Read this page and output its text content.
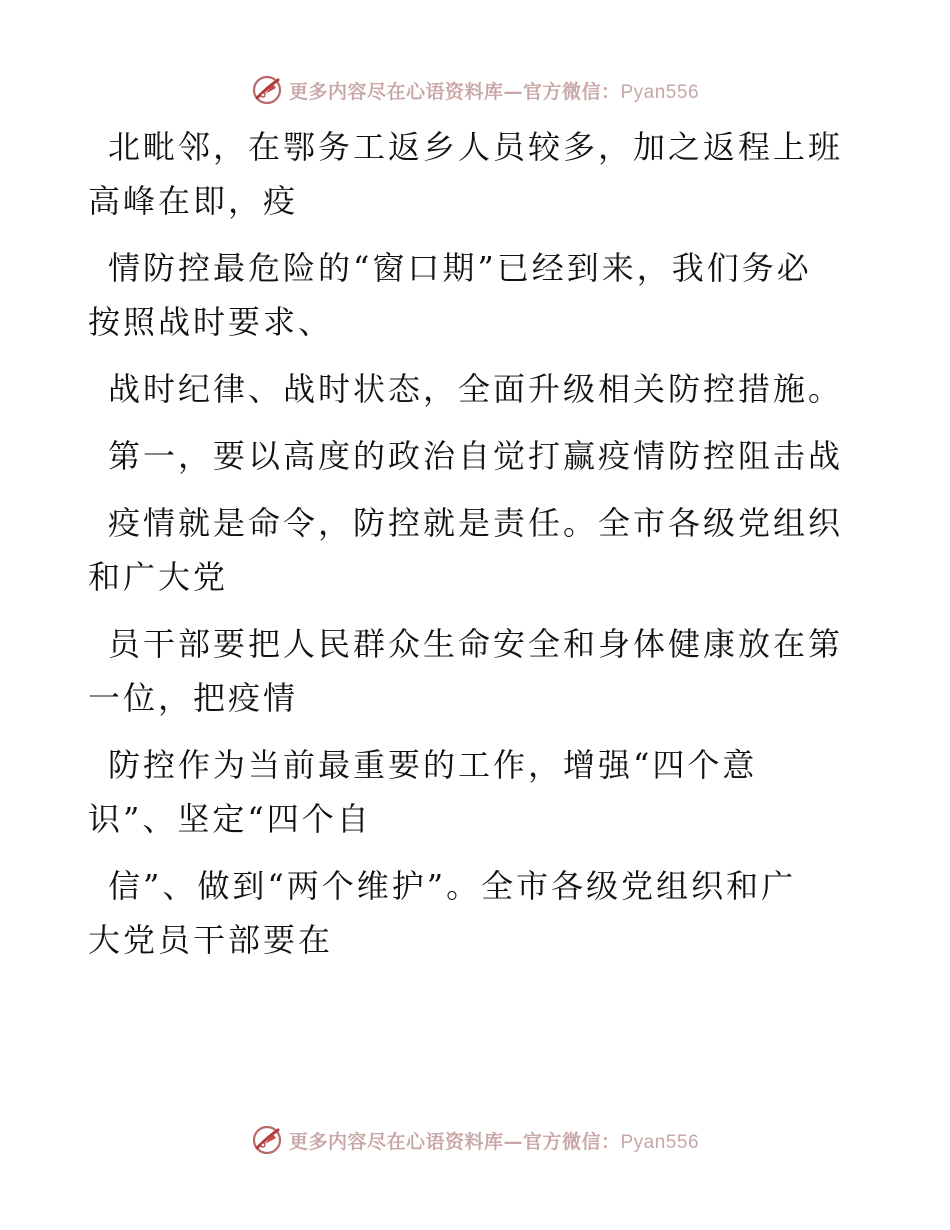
更多内容尽在心语资料库—官方微信：Pyan556

北毗邻，在鄂务工返乡人员较多，加之返程上班
高峰在即，疫

情防控最危险的“窗口期”已经到来，我们务必
按照战时要求、

战时纪律、战时状态，全面升级相关防控措施。

第一，要以高度的政治自觉打赢疫情防控阻击战

疫情就是命令，防控就是责任。全市各级党组织
和广大党

员干部要把人民群众生命安全和身体健康放在第
一位，把疫情

防控作为当前最重要的工作，增强“四个意
识”、坚定“四个自

信”、做到“两个维护”。全市各级党组织和广
大党员干部要在

更多内容尽在心语资料库—官方微信：Pyan556
